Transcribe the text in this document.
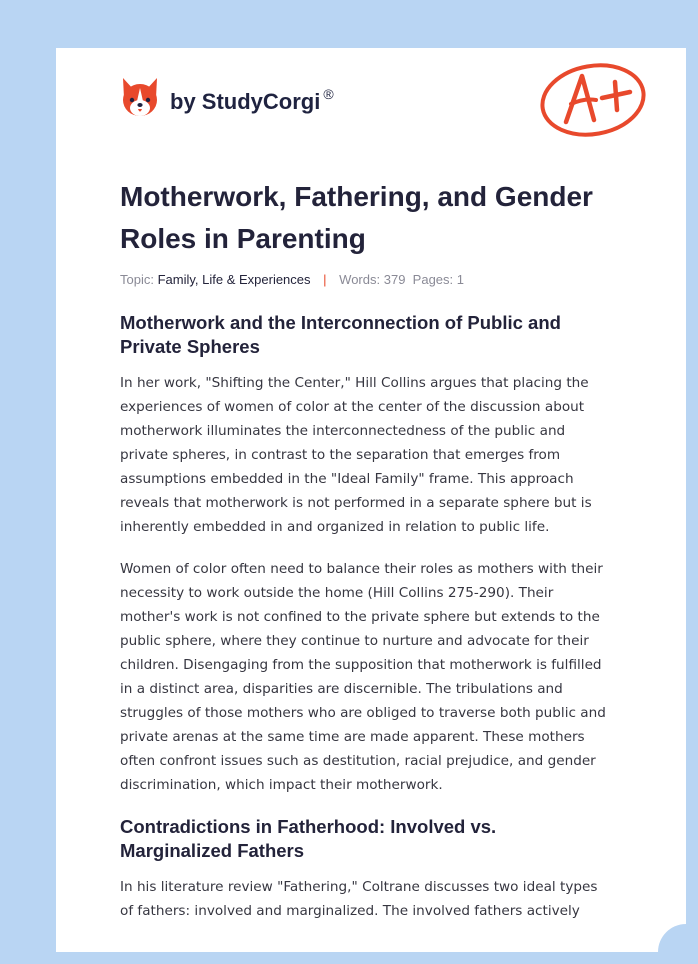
by StudyCorgi ®
Motherwork, Fathering, and Gender Roles in Parenting
Topic: Family, Life & Experiences | Words: 379 Pages: 1
Motherwork and the Interconnection of Public and Private Spheres

In her work, "Shifting the Center," Hill Collins argues that placing the experiences of women of color at the center of the discussion about motherwork illuminates the interconnectedness of the public and private spheres, in contrast to the separation that emerges from assumptions embedded in the "Ideal Family" frame. This approach reveals that motherwork is not performed in a separate sphere but is inherently embedded in and organized in relation to public life.

Women of color often need to balance their roles as mothers with their necessity to work outside the home (Hill Collins 275-290). Their mother's work is not confined to the private sphere but extends to the public sphere, where they continue to nurture and advocate for their children. Disengaging from the supposition that motherwork is fulfilled in a distinct area, disparities are discernible. The tribulations and struggles of those mothers who are obliged to traverse both public and private arenas at the same time are made apparent. These mothers often confront issues such as destitution, racial prejudice, and gender discrimination, which impact their motherwork.

Contradictions in Fatherhood: Involved vs. Marginalized Fathers

In his literature review "Fathering," Coltrane discusses two ideal types of fathers: involved and marginalized. The involved fathers actively
